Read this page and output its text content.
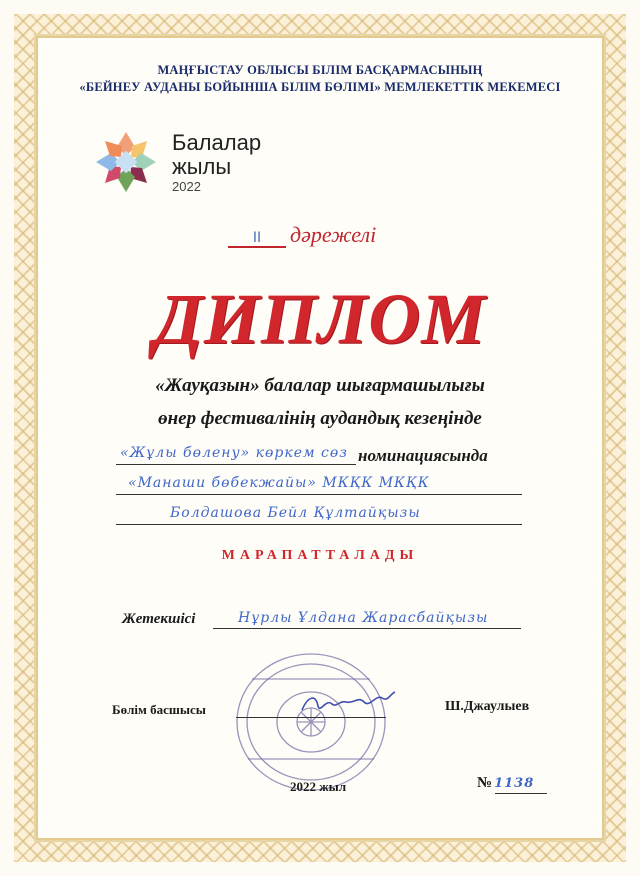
МАҢҒЫСТАУ ОБЛЫСЫ БІЛІМ БАСҚАРМАСЫНЫҢ
«БЕЙНЕУ АУДАНЫ БОЙЫНША БІЛІМ БӨЛІМІ» МЕМЛЕКЕТТІК МЕКЕМЕСІ
Балалар
жылы
2022
II дәрежелі
ДИПЛОМ
«Жауқазын» балалар шығармашылығы
өнер фестивалінің аудандық кезеңінде
«Жұлы бөлену» көркем сөз номинациясында
«Манаши бөбекжайы» МКҚК МКҚК
Болдашова Бейл Құлтайқызы
МАРАПАТТАЛАДЫ
Жетекшісі	Нұрлы Ұлдана Жарасбайқызы
Бөлім басшысы	Ш.Джаулыев
2022 жыл	№ 1138
